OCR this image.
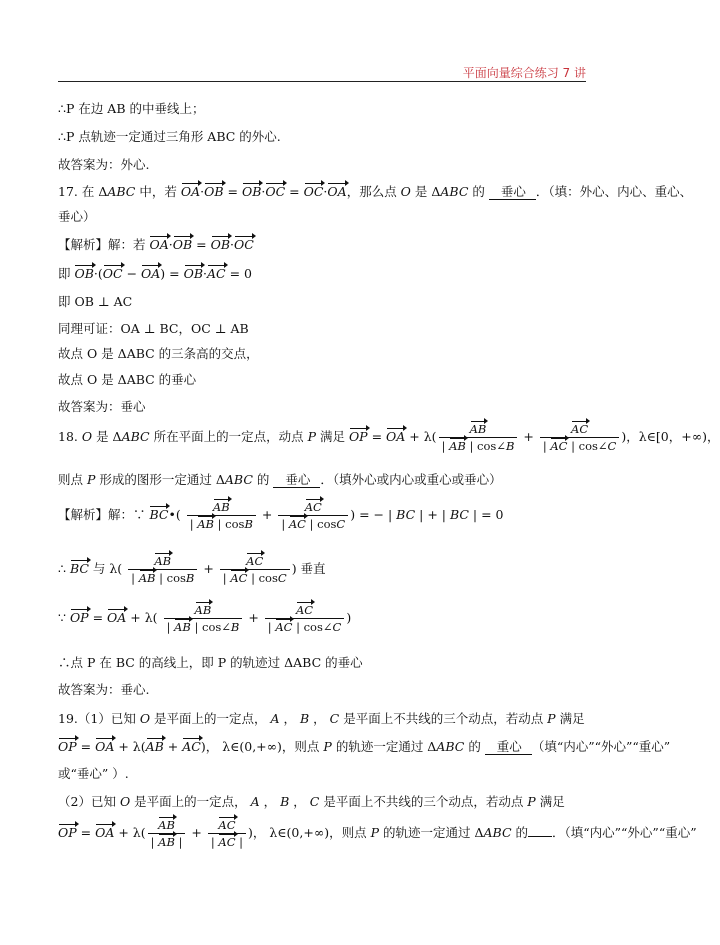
平面向量综合练习 7 讲
∴P 在边 AB 的中垂线上；
∴P 点轨迹一定通过三角形 ABC 的外心.
故答案为：外心.
17. 在 ΔABC 中，若 OA·OB = OB·OC = OC·OA，那么点 O 是 ΔABC 的 垂心 ．（填：外心、内心、重心、
垂心）
【解析】解：若 OA·OB = OB·OC
即 OB·(OC − OA) = OB·AC = 0
即 OB ⊥ AC
同理可证：OA ⊥ BC，OC ⊥ AB
故点 O 是 ΔABC 的三条高的交点，
故点 O 是 ΔABC 的垂心
故答案为：垂心
18. O 是 ΔABC 所在平面上的一定点，动点 P 满足 OP = OA + $\lambda( \frac{AB}{| AB | \cos\angle B} + \frac{AC}{| AC | \cos\angle C}$ )，λ∈[0，+∞)，
则点 P 形成的图形一定通过 ΔABC 的 垂心 ．（填外心或内心或重心或垂心）
【解析】解：∵ BC•( $\frac{AB}{| AB | \cos B} + \frac{AC}{| AC | \cos C}$ ) = − | BC | + | BC | = 0
∴ BC 与 $\lambda( \frac{AB}{| AB | \cos B} + \frac{AC}{| AC | \cos C}$ ) 垂直
∵ OP = OA + $\lambda( \frac{AB}{| AB | \cos\angle B} + \frac{AC}{| AC | \cos\angle C}$ )
∴点 P 在 BC 的高线上，即 P 的轨迹过 ΔABC 的垂心
故答案为：垂心.
19.（1）已知 O 是平面上的一定点， A ， B ， C 是平面上不共线的三个动点，若动点 P 满足
OP = OA + λ(AB + AC)， λ∈(0,+∞)，则点 P 的轨迹一定通过 ΔABC 的 重心 （填“内心”“外心”“重心”
或“垂心” ）.
（2）已知 O 是平面上的一定点， A ， B ， C 是平面上不共线的三个动点，若动点 P 满足
OP = OA + $\lambda( \frac{AB}{| AB |} + \frac{AC}{| AC |}$ )， λ∈(0,+∞)，则点 P 的轨迹一定通过 ΔABC 的 ．（填“内心”“外心”“重心”
